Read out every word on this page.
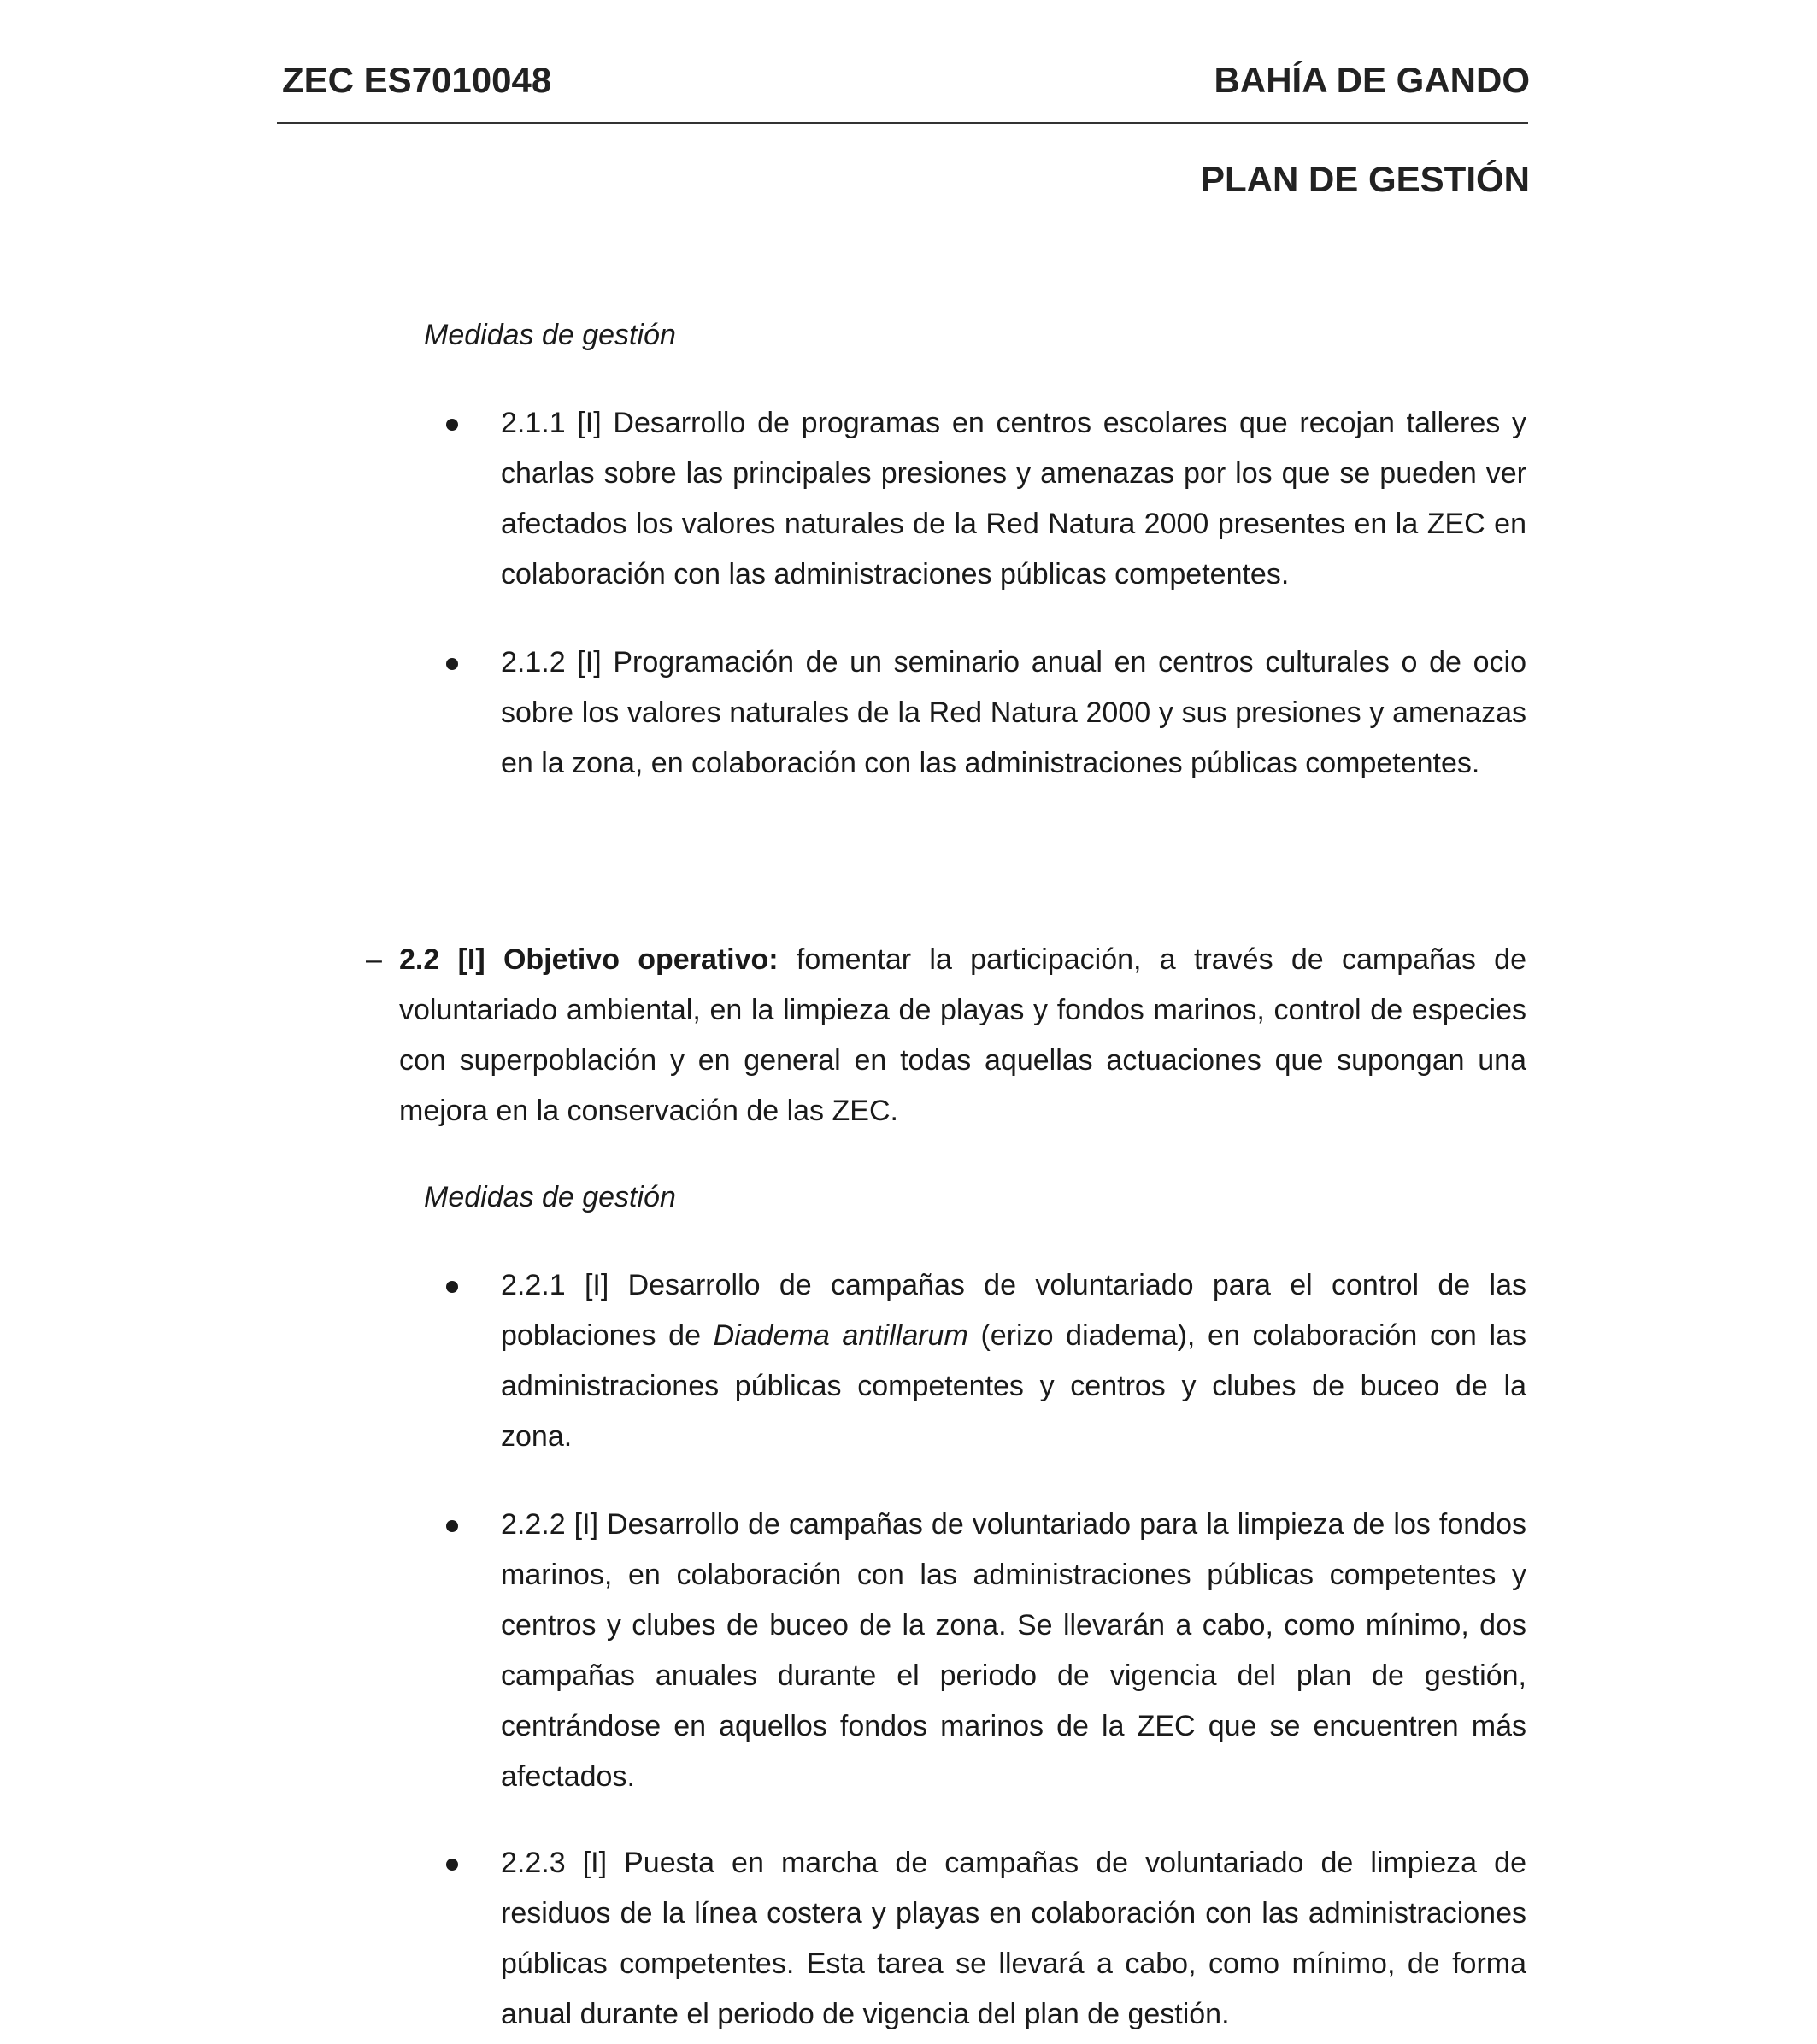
ZEC ES7010048	BAHÍA DE GANDO
PLAN DE GESTIÓN
Medidas de gestión
2.1.1 [I] Desarrollo de programas en centros escolares que recojan talleres y charlas sobre las principales presiones y amenazas por los que se pueden ver afectados los valores naturales de la Red Natura 2000 presentes en la ZEC en colaboración con las administraciones públicas competentes.
2.1.2 [I] Programación de un seminario anual en centros culturales o de ocio sobre los valores naturales de la Red Natura 2000 y sus presiones y amenazas en la zona, en colaboración con las administraciones públicas competentes.
– 2.2 [I] Objetivo operativo: fomentar la participación, a través de campañas de voluntariado ambiental, en la limpieza de playas y fondos marinos, control de especies con superpoblación y en general en todas aquellas actuaciones que supongan una mejora en la conservación de las ZEC.
Medidas de gestión
2.2.1 [I] Desarrollo de campañas de voluntariado para el control de las poblaciones de Diadema antillarum (erizo diadema), en colaboración con las administraciones públicas competentes y centros y clubes de buceo de la zona.
2.2.2 [I] Desarrollo de campañas de voluntariado para la limpieza de los fondos marinos, en colaboración con las administraciones públicas competentes y centros y clubes de buceo de la zona. Se llevarán a cabo, como mínimo, dos campañas anuales durante el periodo de vigencia del plan de gestión, centrándose en aquellos fondos marinos de la ZEC que se encuentren más afectados.
2.2.3 [I] Puesta en marcha de campañas de voluntariado de limpieza de residuos de la línea costera y playas en colaboración con las administraciones públicas competentes. Esta tarea se llevará a cabo, como mínimo, de forma anual durante el periodo de vigencia del plan de gestión.
